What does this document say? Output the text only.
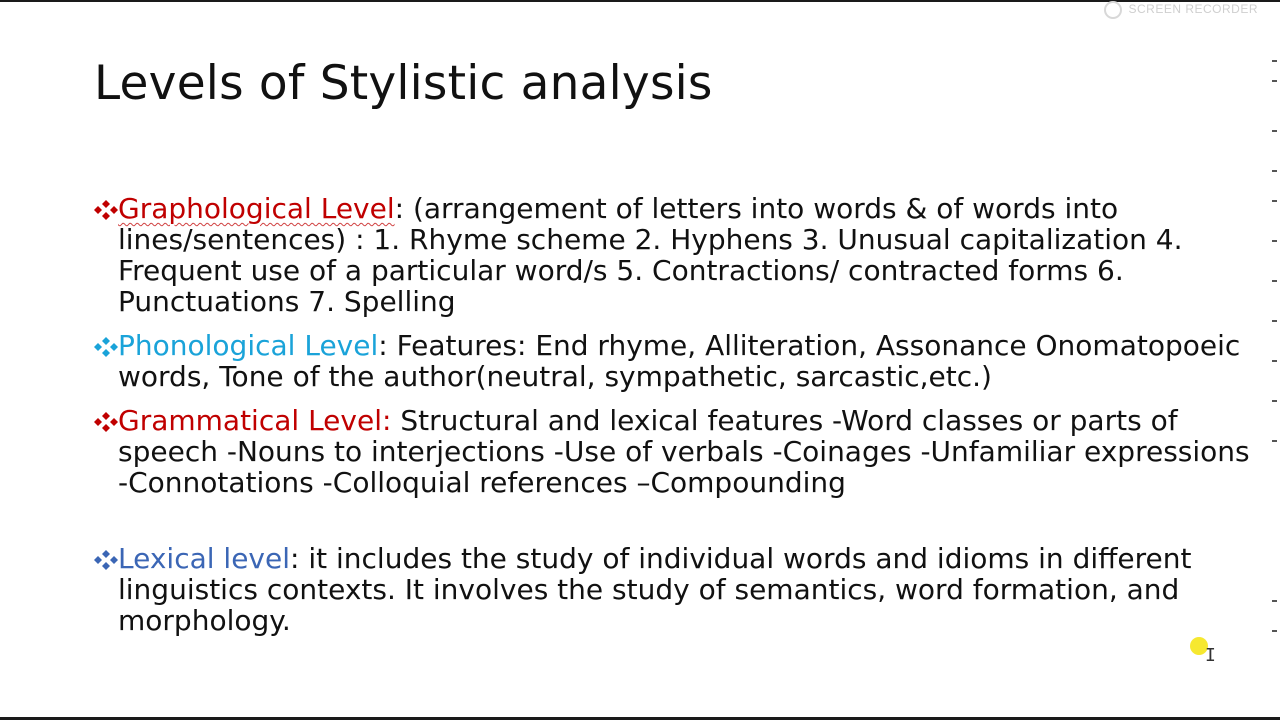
SCREEN RECORDER
Levels of Stylistic analysis
Graphological Level: (arrangement of letters into words & of words into lines/sentences) : 1. Rhyme scheme 2. Hyphens 3. Unusual capitalization 4. Frequent use of a particular word/s 5. Contractions/ contracted forms 6. Punctuations 7. Spelling
Phonological Level: Features: End rhyme, Alliteration, Assonance Onomatopoeic words, Tone of the author(neutral, sympathetic, sarcastic,etc.)
Grammatical Level: Structural and lexical features -Word classes or parts of speech -Nouns to interjections -Use of verbals -Coinages -Unfamiliar expressions -Connotations -Colloquial references –Compounding
Lexical level: it includes the study of individual words and idioms in different linguistics contexts. It involves the study of semantics, word formation, and morphology.
I
